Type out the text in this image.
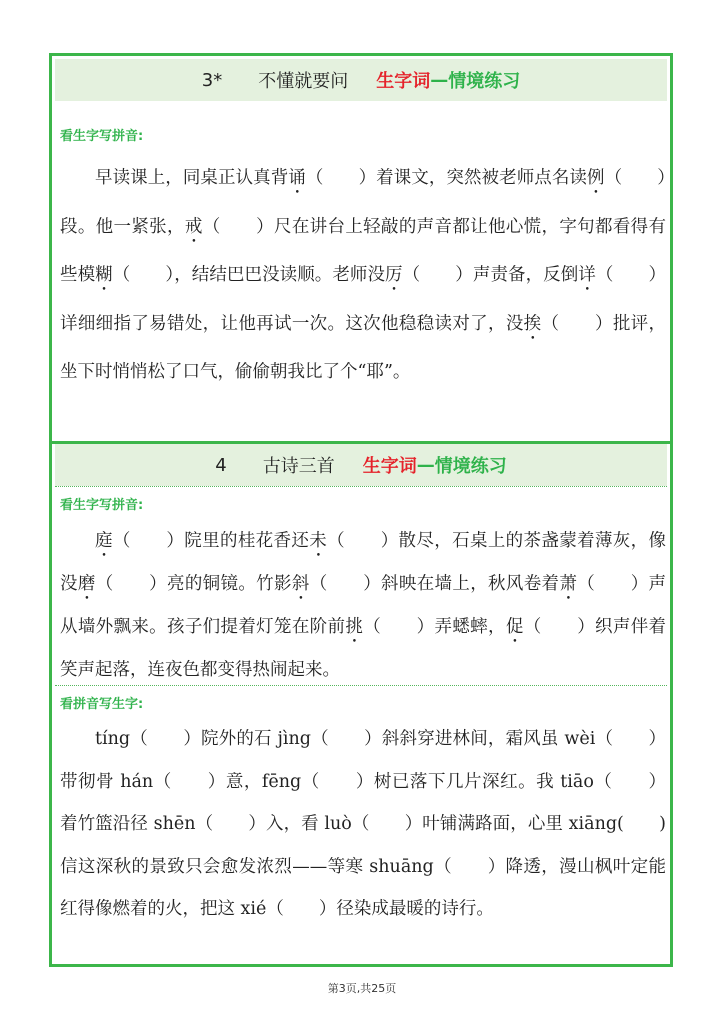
3* 不懂就要问 生字词 — 情境练习
看生字写拼音:
早读课上，同桌正认真背诵（　　）着课文，突然被老师点名读例（　　）段。他一紧张，戒（　　）尺在讲台上轻敲的声音都让他心慌，字句都看得有些模糊（　　），结结巴巴没读顺。老师没厉（　　）声责备，反倒详（　　）详细细指了易错处，让他再试一次。这次他稳稳读对了，没挨（　　）批评，坐下时悄悄松了口气，偷偷朝我比了个“耶”。
4 古诗三首 生字词 — 情境练习
看生字写拼音:
庭（　　）院里的桂花香还未（　　）散尽，石桌上的茶盏蒙着薄灰，像没磨（　　）亮的铜镜。竹影斜（　　）斜映在墙上，秋风卷着萧（　　）声从墙外飘来。孩子们提着灯笼在阶前挑（　　）弄蟋蟀，促（　　）织声伴着笑声起落，连夜色都变得热闹起来。
看拼音写生字:
tíng（　　）院外的石 jìng（　　）斜斜穿进林间，霜风虽 wèi（　　）带彻骨 hán（　　）意，fēng（　　）树已落下几片深红。我 tiāo（　　）着竹篮沿径 shēn（　　）入，看 luò（　　）叶铺满路面，心里 xiāng(　　)信这深秋的景致只会愈发浓烈——等寒 shuāng（　　）降透，漫山枫叶定能红得像燃着的火，把这 xié（　　）径染成最暖的诗行。
第3页,共25页
